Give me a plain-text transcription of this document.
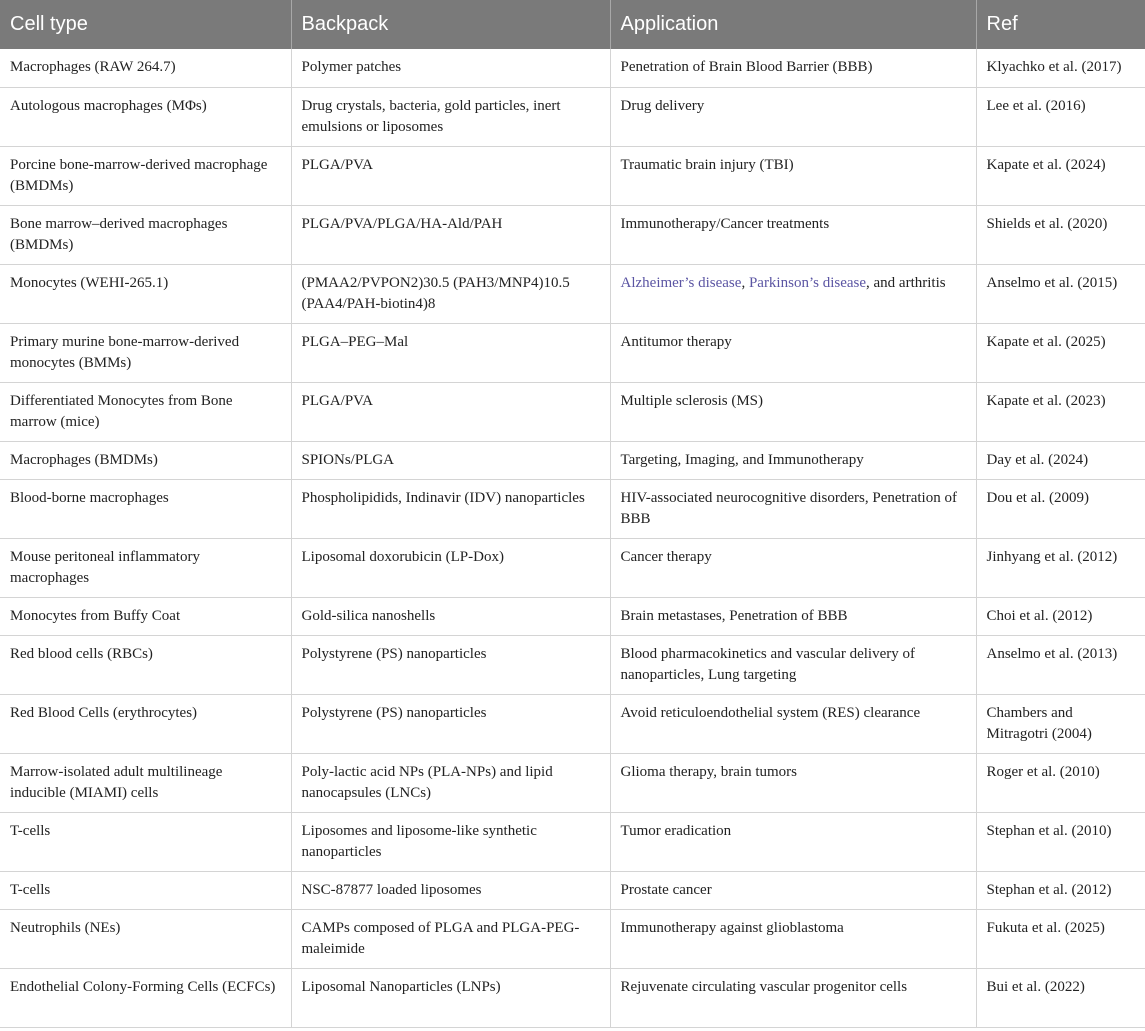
Cell type	Backpack	Application	Ref
Macrophages (RAW 264.7)	Polymer patches	Penetration of Brain Blood Barrier (BBB)	Klyachko et al. (2017)
Autologous macrophages (MΦs)	Drug crystals, bacteria, gold particles, inert emulsions or liposomes	Drug delivery	Lee et al. (2016)
Porcine bone-marrow-derived macrophage (BMDMs)	PLGA/PVA	Traumatic brain injury (TBI)	Kapate et al. (2024)
Bone marrow–derived macrophages (BMDMs)	PLGA/PVA/PLGA/HA-Ald/PAH	Immunotherapy/Cancer treatments	Shields et al. (2020)
Monocytes (WEHI-265.1)	(PMAA2/PVPON2)30.5 (PAH3/MNP4)10.5 (PAA4/PAH-biotin4)8	Alzheimer’s disease, Parkinson’s disease, and arthritis	Anselmo et al. (2015)
Primary murine bone-marrow-derived monocytes (BMMs)	PLGA–PEG–Mal	Antitumor therapy	Kapate et al. (2025)
Differentiated Monocytes from Bone marrow (mice)	PLGA/PVA	Multiple sclerosis (MS)	Kapate et al. (2023)
Macrophages (BMDMs)	SPIONs/PLGA	Targeting, Imaging, and Immunotherapy	Day et al. (2024)
Blood-borne macrophages	Phospholipidids, Indinavir (IDV) nanoparticles	HIV-associated neurocognitive disorders, Penetration of BBB	Dou et al. (2009)
Mouse peritoneal inflammatory macrophages	Liposomal doxorubicin (LP-Dox)	Cancer therapy	Jinhyang et al. (2012)
Monocytes from Buffy Coat	Gold-silica nanoshells	Brain metastases, Penetration of BBB	Choi et al. (2012)
Red blood cells (RBCs)	Polystyrene (PS) nanoparticles	Blood pharmacokinetics and vascular delivery of nanoparticles, Lung targeting	Anselmo et al. (2013)
Red Blood Cells (erythrocytes)	Polystyrene (PS) nanoparticles	Avoid reticuloendothelial system (RES) clearance	Chambers and Mitragotri (2004)
Marrow-isolated adult multilineage inducible (MIAMI) cells	Poly-lactic acid NPs (PLA-NPs) and lipid nanocapsules (LNCs)	Glioma therapy, brain tumors	Roger et al. (2010)
T-cells	Liposomes and liposome-like synthetic nanoparticles	Tumor eradication	Stephan et al. (2010)
T-cells	NSC-87877 loaded liposomes	Prostate cancer	Stephan et al. (2012)
Neutrophils (NEs)	CAMPs composed of PLGA and PLGA-PEG-maleimide	Immunotherapy against glioblastoma	Fukuta et al. (2025)
Endothelial Colony-Forming Cells (ECFCs)	Liposomal Nanoparticles (LNPs)	Rejuvenate circulating vascular progenitor cells	Bui et al. (2022)
